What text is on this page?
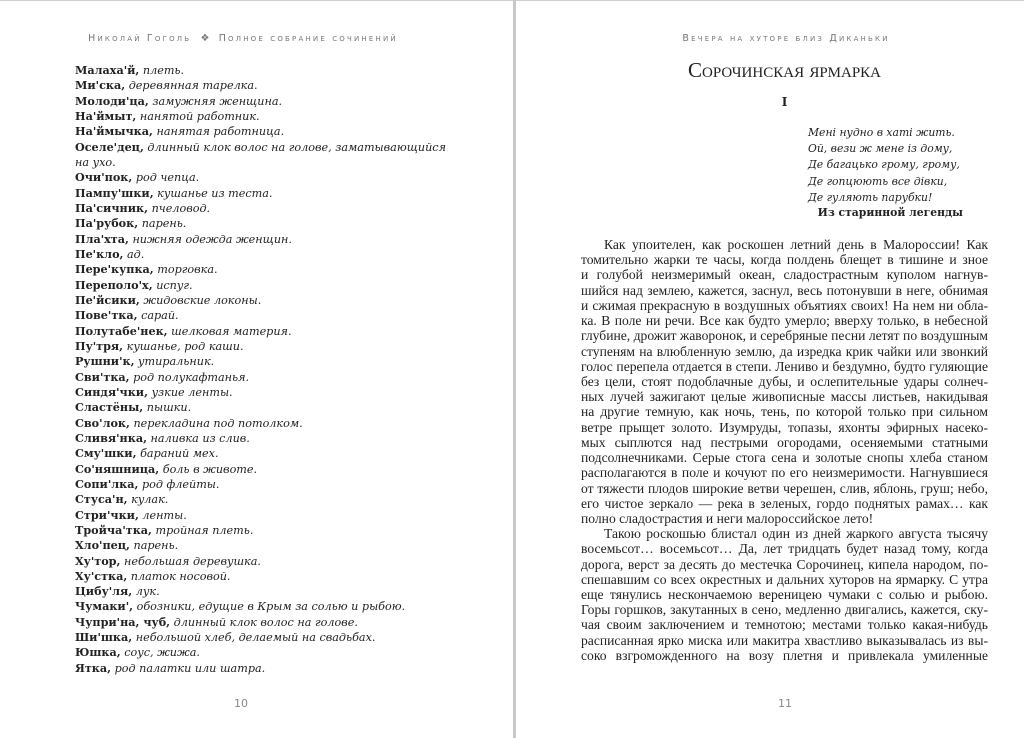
Николай Гоголь ❖ Полное собрание сочинений
Малаха'й, плеть.
Ми'ска, деревянная тарелка.
Молоди'ца, замужняя женщина.
На'ймыт, нанятой работник.
На'ймычка, нанятая работница.
Оселе'дец, длинный клок волос на голове, заматывающийся
на ухо.
Очи'пок, род чепца.
Пампу'шки, кушанье из теста.
Па'сичник, пчеловод.
Па'рубок, парень.
Пла'хта, нижняя одежда женщин.
Пе'кло, ад.
Пере'купка, торговка.
Переполо'х, испуг.
Пе'йсики, жидовские локоны.
Пове'тка, сарай.
Полутабе'нек, шелковая материя.
Пу'тря, кушанье, род каши.
Рушни'к, утиральник.
Сви'тка, род полукафтанья.
Синдя'чки, узкие ленты.
Сластёны, пышки.
Сво'лок, перекладина под потолком.
Сливя'нка, наливка из слив.
Сму'шки, бараний мех.
Со'няшница, боль в животе.
Сопи'лка, род флейты.
Стуса'н, кулак.
Стри'чки, ленты.
Тройча'тка, тройная плеть.
Хло'пец, парень.
Ху'тор, небольшая деревушка.
Ху'стка, платок носовой.
Цибу'ля, лук.
Чумаки', обозники, едущие в Крым за солью и рыбою.
Чупри'на, чуб, длинный клок волос на голове.
Ши'шка, небольшой хлеб, делаемый на свадьбах.
Юшка, соус, жижа.
Ятка, род палатки или шатра.
10
Вечера на хуторе близ Диканьки
Сорочинская ярмарка
I
Мені нудно в хаті жить.
Ой, вези ж мене із дому,
Де багацько грому, грому,
Де гопцюють все дівки,
Де гуляють парубки!
Из старинной легенды
Как упоителен, как роскошен летний день в Малороссии! Как
томительно жарки те часы, когда полдень блещет в тишине и зное
и голубой неизмеримый океан, сладострастным куполом нагнув-
шийся над землею, кажется, заснул, весь потонувши в неге, обнимая
и сжимая прекрасную в воздушных объятиях своих! На нем ни обла-
ка. В поле ни речи. Все как будто умерло; вверху только, в небесной
глубине, дрожит жаворонок, и серебряные песни летят по воздушным
ступеням на влюбленную землю, да изредка крик чайки или звонкий
голос перепела отдается в степи. Лениво и бездумно, будто гуляющие
без цели, стоят подоблачные дубы, и ослепительные удары солнеч-
ных лучей зажигают целые живописные массы листьев, накидывая
на другие темную, как ночь, тень, по которой только при сильном
ветре прыщет золото. Изумруды, топазы, яхонты эфирных насеко-
мых сыплются над пестрыми огородами, осеняемыми статными
подсолнечниками. Серые стога сена и золотые снопы хлеба станом
располагаются в поле и кочуют по его неизмеримости. Нагнувшиеся
от тяжести плодов широкие ветви черешен, слив, яблонь, груш; небо,
его чистое зеркало — река в зеленых, гордо поднятых рамах… как
полно сладострастия и неги малороссийское лето!
Такою роскошью блистал один из дней жаркого августа тысячу
восемьсот… восемьсот… Да, лет тридцать будет назад тому, когда
дорога, верст за десять до местечка Сорочинец, кипела народом, по-
спешавшим со всех окрестных и дальних хуторов на ярмарку. С утра
еще тянулись нескончаемою вереницею чумаки с солью и рыбою.
Горы горшков, закутанных в сено, медленно двигались, кажется, ску-
чая своим заключением и темнотою; местами только какая-нибудь
расписанная ярко миска или макитра хвастливо выказывалась из вы-
соко взгроможденного на возу плетня и привлекала умиленные
11
